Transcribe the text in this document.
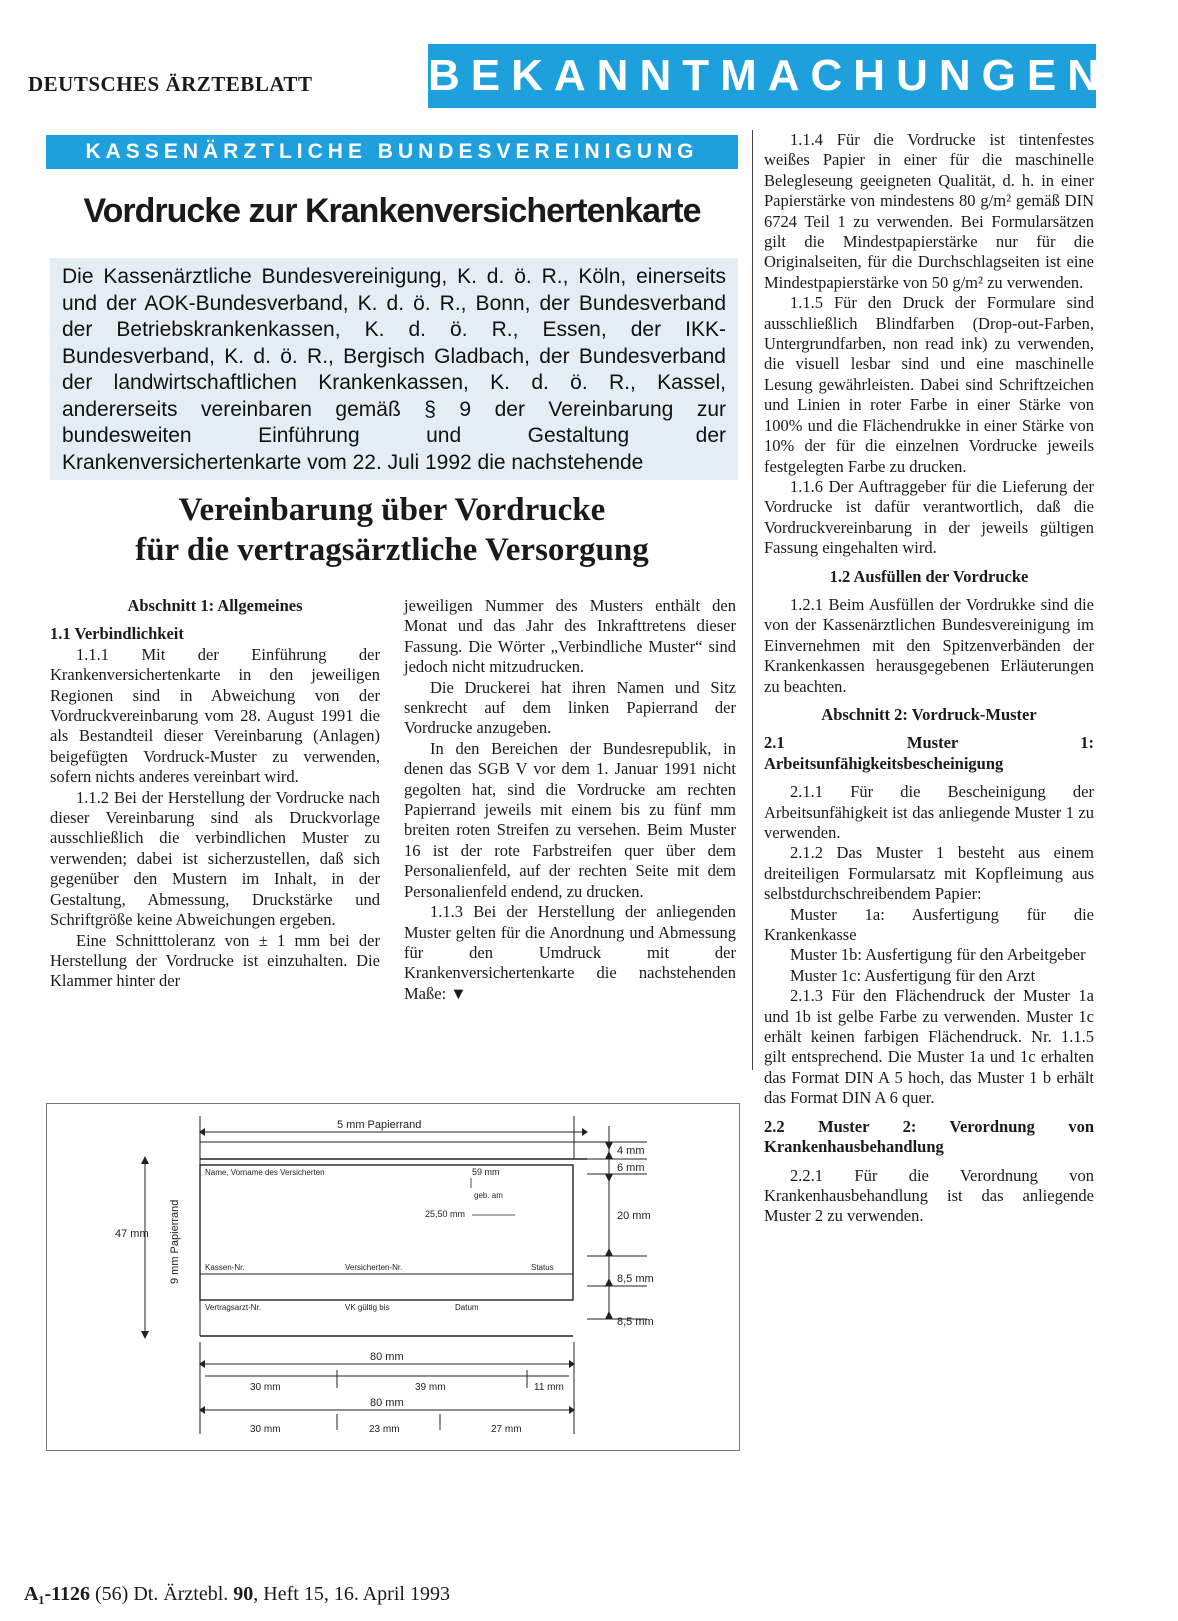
DEUTSCHES ÄRZTEBLATT	BEKANNTMACHUNGEN
KASSENÄRZTLICHE BUNDESVEREINIGUNG
Vordrucke zur Krankenversichertenkarte

Die Kassenärztliche Bundesvereinigung, K. d. ö. R., Köln, einerseits und der AOK-Bundesverband, K. d. ö. R., Bonn, der Bundesverband der Betriebskrankenkassen, K. d. ö. R., Essen, der IKK-Bundesverband, K. d. ö. R., Bergisch Gladbach, der Bundesverband der landwirtschaftlichen Krankenkassen, K. d. ö. R., Kassel, andererseits vereinbaren gemäß § 9 der Vereinbarung zur bundesweiten Einführung und Gestaltung der Krankenversichertenkarte vom 22. Juli 1992 die nachstehende

Vereinbarung über Vordrucke
für die vertragsärztliche Versorgung

Abschnitt 1: Allgemeines

1.1 Verbindlichkeit

1.1.1 Mit der Einführung der Krankenversichertenkarte in den jeweiligen Regionen sind in Abweichung von der Vordruckvereinbarung vom 28. August 1991 die als Bestandteil dieser Vereinbarung (Anlagen) beigefügten Vordruck-Muster zu verwenden, sofern nichts anderes vereinbart wird.

1.1.2 Bei der Herstellung der Vordrucke nach dieser Vereinbarung sind als Druckvorlage ausschließlich die verbindlichen Muster zu verwenden; dabei ist sicherzustellen, daß sich gegenüber den Mustern im Inhalt, in der Gestaltung, Abmessung, Druckstärke und Schriftgröße keine Abweichungen ergeben.

Eine Schnitttoleranz von ± 1 mm bei der Herstellung der Vordrucke ist einzuhalten. Die Klammer hinter der

jeweiligen Nummer des Musters enthält den Monat und das Jahr des Inkrafttretens dieser Fassung. Die Wörter „Verbindliche Muster“ sind jedoch nicht mitzudrucken.

Die Druckerei hat ihren Namen und Sitz senkrecht auf dem linken Papierrand der Vordrucke anzugeben.

In den Bereichen der Bundesrepublik, in denen das SGB V vor dem 1. Januar 1991 nicht gegolten hat, sind die Vordrucke am rechten Papierrand jeweils mit einem bis zu fünf mm breiten roten Streifen zu versehen. Beim Muster 16 ist der rote Farbstreifen quer über dem Personalienfeld, auf der rechten Seite mit dem Personalienfeld endend, zu drucken.

1.1.3 Bei der Herstellung der anliegenden Muster gelten für die Anordnung und Abmessung für den Umdruck mit der Krankenversichertenkarte die nachstehenden Maße: ▼

1.1.4 Für die Vordrucke ist tintenfestes weißes Papier in einer für die maschinelle Belegleseung geeigneten Qualität, d. h. in einer Papierstärke von mindestens 80 g/m² gemäß DIN 6724 Teil 1 zu verwenden. Bei Formularsätzen gilt die Mindestpapierstärke nur für die Originalseiten, für die Durchschlagseiten ist eine Mindestpapierstärke von 50 g/m² zu verwenden.

1.1.5 Für den Druck der Formulare sind ausschließlich Blindfarben (Drop-out-Farben, Untergrundfarben, non read ink) zu verwenden, die visuell lesbar sind und eine maschinelle Lesung gewährleisten. Dabei sind Schriftzeichen und Linien in roter Farbe in einer Stärke von 100% und die Flächendrukke in einer Stärke von 10% der für die einzelnen Vordrucke jeweils festgelegten Farbe zu drucken.

1.1.6 Der Auftraggeber für die Lieferung der Vordrucke ist dafür verantwortlich, daß die Vordruckvereinbarung in der jeweils gültigen Fassung eingehalten wird.

1.2 Ausfüllen der Vordrucke

1.2.1 Beim Ausfüllen der Vordrukke sind die von der Kassenärztlichen Bundesvereinigung im Einvernehmen mit den Spitzenverbänden der Krankenkassen herausgegebenen Erläuterungen zu beachten.

Abschnitt 2: Vordruck-Muster

2.1 Muster 1: Arbeitsunfähigkeitsbescheinigung

2.1.1 Für die Bescheinigung der Arbeitsunfähigkeit ist das anliegende Muster 1 zu verwenden.

2.1.2 Das Muster 1 besteht aus einem dreiteiligen Formularsatz mit Kopfleimung aus selbstdurchschreibendem Papier:

Muster 1a: Ausfertigung für die Krankenkasse

Muster 1b: Ausfertigung für den Arbeitgeber

Muster 1c: Ausfertigung für den Arzt

2.1.3 Für den Flächendruck der Muster 1a und 1b ist gelbe Farbe zu verwenden. Muster 1c erhält keinen farbigen Flächendruck. Nr. 1.1.5 gilt entsprechend. Die Muster 1a und 1c erhalten das Format DIN A 5 hoch, das Muster 1 b erhält das Format DIN A 6 quer.

2.2 Muster 2: Verordnung von Krankenhausbehandlung

2.2.1 Für die Verordnung von Krankenhausbehandlung ist das anliegende Muster 2 zu verwenden.

5 mm Papierrand
4 mm
6 mm
20 mm
8,5 mm
8,5 mm
47 mm 9 mm Papierrand
Name, Vorname des Versicherten	59 mm
geb. am
25,50 mm
Kassen-Nr.	Versicherten-Nr.	Status
Vertragsarzt-Nr.	VK gültig bis	Datum
80 mm
30 mm	39 mm	11 mm
80 mm
30 mm	23 mm	27 mm
A₁-1126 (56) Dt. Ärztebl. 90, Heft 15, 16. April 1993
